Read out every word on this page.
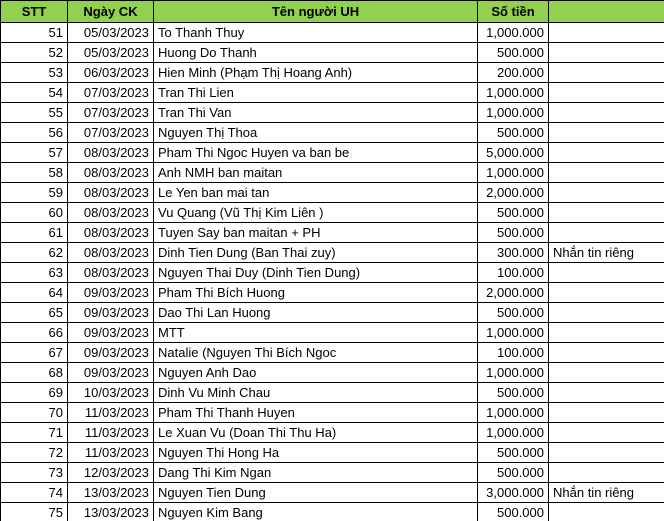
STT	Ngày CK	Tên người UH	Số tiền	
51	05/03/2023	To Thanh Thuy	1,000.000	
52	05/03/2023	Huong Do Thanh	500.000	
53	06/03/2023	Hien Minh (Phạm Thị Hoang Anh)	200.000	
54	07/03/2023	Tran Thi Lien	1,000.000	
55	07/03/2023	Tran Thi Van	1,000.000	
56	07/03/2023	Nguyen Thị Thoa	500.000	
57	08/03/2023	Pham Thi Ngoc Huyen va ban be	5,000.000	
58	08/03/2023	Anh NMH ban maitan	1,000.000	
59	08/03/2023	Le Yen ban mai tan	2,000.000	
60	08/03/2023	Vu Quang (Vũ Thị Kim Liên )	500.000	
61	08/03/2023	Tuyen Say ban maitan + PH	500.000	
62	08/03/2023	Dinh Tien Dung (Ban Thai zuy)	300.000	Nhắn tin riêng
63	08/03/2023	Nguyen Thai Duy (Dinh Tien Dung)	100.000	
64	09/03/2023	Pham Thi Bích Huong	2,000.000	
65	09/03/2023	Dao Thi Lan Huong	500.000	
66	09/03/2023	MTT	1,000.000	
67	09/03/2023	Natalie (Nguyen Thi Bích Ngoc	100.000	
68	09/03/2023	Nguyen Anh Dao	1,000.000	
69	10/03/2023	Dinh Vu Minh Chau	500.000	
70	11/03/2023	Pham Thi Thanh Huyen	1,000.000	
71	11/03/2023	Le Xuan Vu (Doan Thi Thu Ha)	1,000.000	
72	11/03/2023	Nguyen Thi Hong Ha	500.000	
73	12/03/2023	Dang Thi Kim Ngan	500.000	
74	13/03/2023	Nguyen Tien Dung	3,000.000	Nhắn tin riêng
75	13/03/2023	Nguyen Kim Bang	500.000	
